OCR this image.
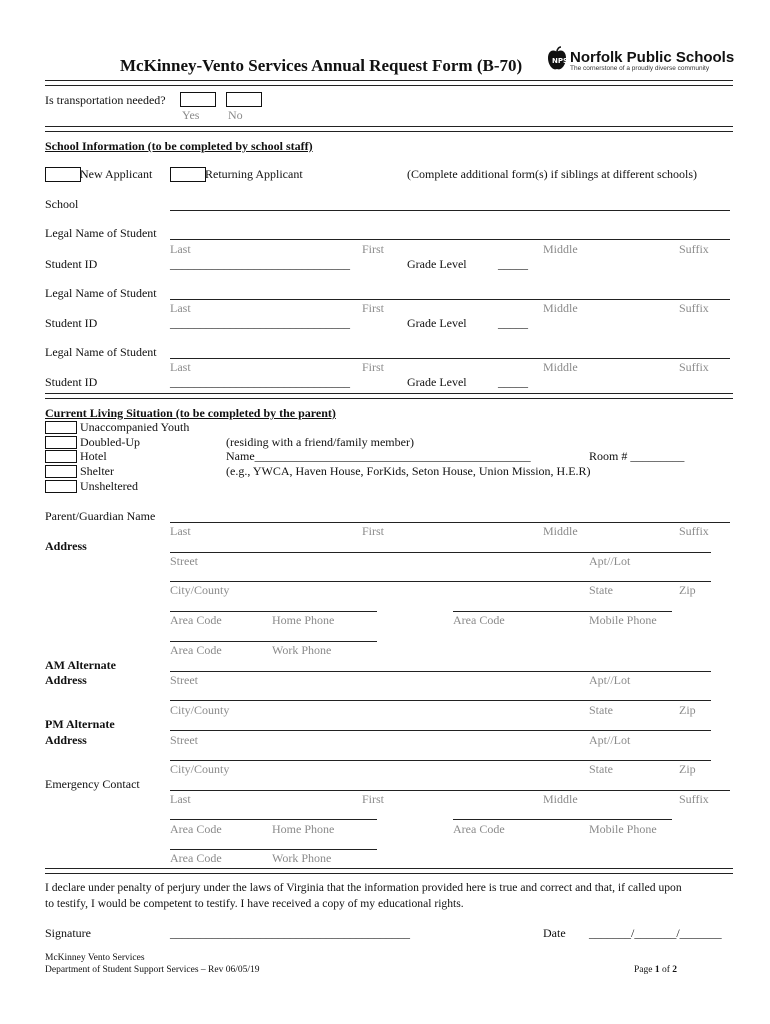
McKinney-Vento Services Annual Request Form (B-70)	NPS Norfolk Public Schools
The cornerstone of a proudly diverse community
Is transportation needed?
Yes No
School Information (to be completed by school staff)
New Applicant	Returning Applicant	(Complete additional form(s) if siblings at different schools)
School
Legal Name of Student
Last	First	Middle	Suffix
Student ID	______________________________	Grade Level	_____
Legal Name of Student
Last	First	Middle	Suffix
Student ID	______________________________	Grade Level	_____
Legal Name of Student
Last	First	Middle	Suffix
Student ID	______________________________	Grade Level	_____
Current Living Situation (to be completed by the parent)
Unaccompanied Youth
Doubled-Up	(residing with a friend/family member)
Hotel	Name______________________________________________	Room # _________
Shelter	(e.g., YWCA, Haven House, ForKids, Seton House, Union Mission, H.E.R)
Unsheltered
Parent/Guardian Name
Last	First	Middle	Suffix
Address
Street	Apt//Lot
City/County	State	Zip
Area Code	Home Phone	Area Code	Mobile Phone
Area Code	Work Phone
AM Alternate
Address	Street	Apt//Lot
City/County	State	Zip
PM Alternate
Address	Street	Apt//Lot
City/County	State	Zip
Emergency Contact
Last	First	Middle	Suffix
Area Code	Home Phone	Area Code	Mobile Phone
Area Code	Work Phone
I declare under penalty of perjury under the laws of Virginia that the information provided here is true and correct and that, if called upon
to testify, I would be competent to testify. I have received a copy of my educational rights.
Signature	________________________________________	Date _______/_______/_______
McKinney Vento Services
Department of Student Support Services – Rev 06/05/19	Page 1 of 2
